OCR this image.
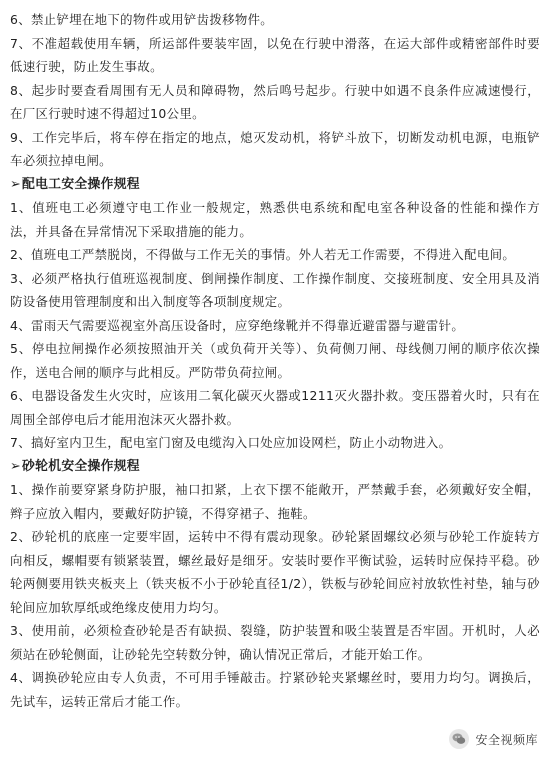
6、禁止铲埋在地下的物件或用铲齿拨移物件。

7、不准超载使用车辆，所运部件要装牢固，以免在行驶中滑落，在运大部件或精密部件时要低速行驶，防止发生事故。

8、起步时要查看周围有无人员和障碍物，然后鸣号起步。行驶中如遇不良条件应减速慢行，在厂区行驶时速不得超过10公里。

9、工作完毕后，将车停在指定的地点，熄灭发动机，将铲斗放下，切断发动机电源，电瓶铲车必须拉掉电闸。

➢配电工安全操作规程

1、值班电工必须遵守电工作业一般规定，熟悉供电系统和配电室各种设备的性能和操作方法，并具备在异常情况下采取措施的能力。

2、值班电工严禁脱岗，不得做与工作无关的事情。外人若无工作需要，不得进入配电间。

3、必须严格执行值班巡视制度、倒闸操作制度、工作操作制度、交接班制度、安全用具及消防设备使用管理制度和出入制度等各项制度规定。

4、雷雨天气需要巡视室外高压设备时，应穿绝缘靴并不得靠近避雷器与避雷针。

5、停电拉闸操作必须按照油开关（或负荷开关等）、负荷侧刀闸、母线侧刀闸的顺序依次操作，送电合闸的顺序与此相反。严防带负荷拉闸。

6、电器设备发生火灾时，应该用二氧化碳灭火器或1211灭火器扑救。变压器着火时，只有在周围全部停电后才能用泡沫灭火器扑救。

7、搞好室内卫生，配电室门窗及电缆沟入口处应加设网栏，防止小动物进入。

➢砂轮机安全操作规程

1、操作前要穿紧身防护服，袖口扣紧，上衣下摆不能敞开，严禁戴手套，必须戴好安全帽，辫子应放入帽内，要戴好防护镜，不得穿裙子、拖鞋。

2、砂轮机的底座一定要牢固，运转中不得有震动现象。砂轮紧固螺纹必须与砂轮工作旋转方向相反，螺帽要有锁紧装置，螺丝最好是细牙。安装时要作平衡试验，运转时应保持平稳。砂轮两侧要用铁夹板夹上（铁夹板不小于砂轮直径1/2），铁板与砂轮间应衬放软性衬垫，轴与砂轮间应加软厚纸或绝缘皮使用力均匀。

3、使用前，必须检查砂轮是否有缺损、裂缝，防护装置和吸尘装置是否牢固。开机时，人必须站在砂轮侧面，让砂轮先空转数分钟，确认情况正常后，才能开始工作。

4、调换砂轮应由专人负责，不可用手锤敲击。拧紧砂轮夹紧螺丝时，要用力均匀。调换后，先试车，运转正常后才能工作。

安全视频库
